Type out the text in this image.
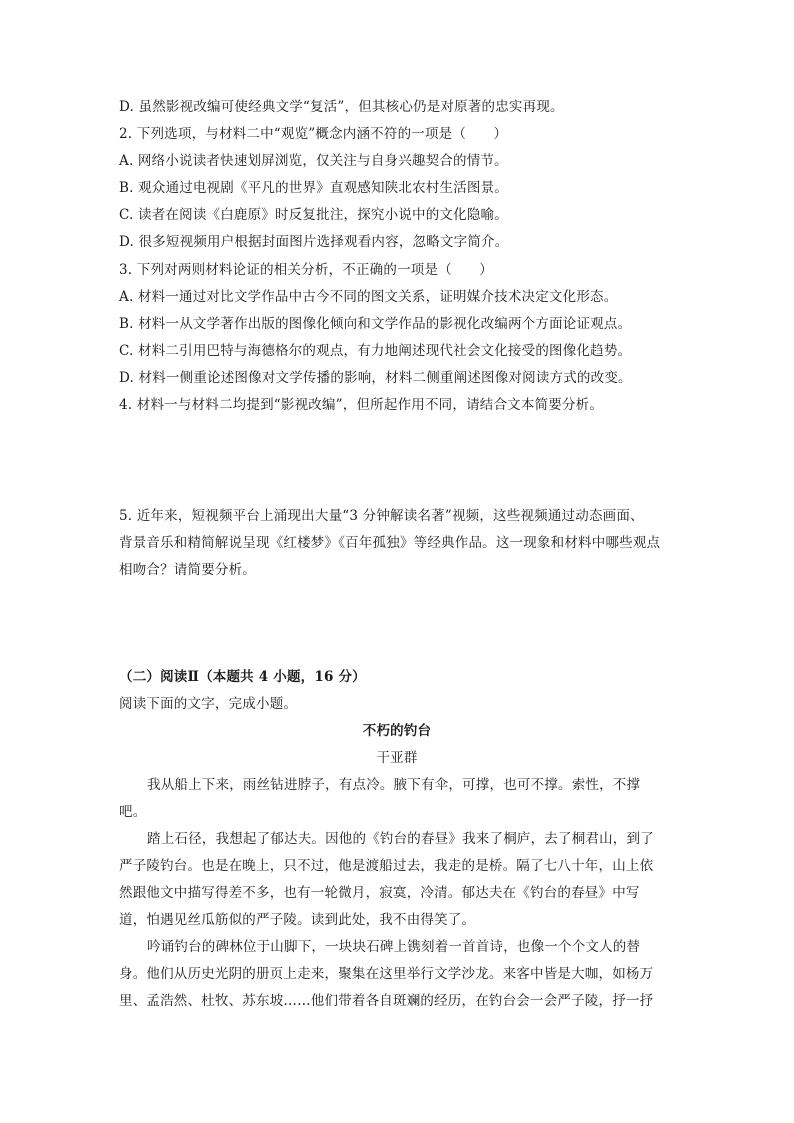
D. 虽然影视改编可使经典文学“复活”，但其核心仍是对原著的忠实再现。
2. 下列选项，与材料二中“观览”概念内涵不符的一项是（　　）
A. 网络小说读者快速划屏浏览，仅关注与自身兴趣契合的情节。
B. 观众通过电视剧《平凡的世界》直观感知陕北农村生活图景。
C. 读者在阅读《白鹿原》时反复批注，探究小说中的文化隐喻。
D. 很多短视频用户根据封面图片选择观看内容，忽略文字简介。
3. 下列对两则材料论证的相关分析，不正确的一项是（　　）
A. 材料一通过对比文学作品中古今不同的图文关系，证明媒介技术决定文化形态。
B. 材料一从文学著作出版的图像化倾向和文学作品的影视化改编两个方面论证观点。
C. 材料二引用巴特与海德格尔的观点，有力地阐述现代社会文化接受的图像化趋势。
D. 材料一侧重论述图像对文学传播的影响，材料二侧重阐述图像对阅读方式的改变。
4. 材料一与材料二均提到“影视改编”，但所起作用不同，请结合文本简要分析。
5. 近年来，短视频平台上涌现出大量“3 分钟解读名著”视频，这些视频通过动态画面、
背景音乐和精简解说呈现《红楼梦》《百年孤独》等经典作品。这一现象和材料中哪些观点
相吻合？请简要分析。
（二）阅读Ⅱ（本题共 4 小题，16 分）
阅读下面的文字，完成小题。
不朽的钓台
干亚群
我从船上下来，雨丝钻进脖子，有点冷。腋下有伞，可撑，也可不撑。索性，不撑
吧。
踏上石径，我想起了郁达夫。因他的《钓台的春昼》我来了桐庐，去了桐君山，到了
严子陵钓台。也是在晚上，只不过，他是渡船过去，我走的是桥。隔了七八十年，山上依
然跟他文中描写得差不多，也有一轮微月，寂寞，冷清。郁达夫在《钓台的春昼》中写
道，怕遇见丝瓜筋似的严子陵。读到此处，我不由得笑了。
吟诵钓台的碑林位于山脚下，一块块石碑上镌刻着一首首诗，也像一个个文人的替
身。他们从历史光阴的册页上走来，聚集在这里举行文学沙龙。来客中皆是大咖，如杨万
里、孟浩然、杜牧、苏东坡……他们带着各自斑斓的经历，在钓台会一会严子陵，抒一抒
